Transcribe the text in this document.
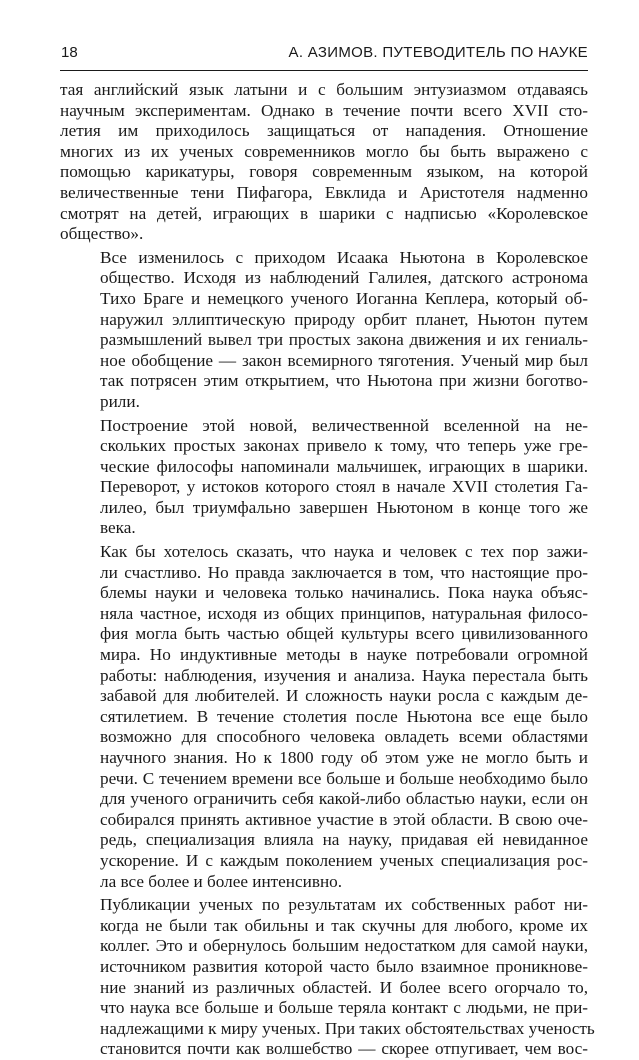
18	А. АЗИМОВ. ПУТЕВОДИТЕЛЬ ПО НАУКЕ

тая английский язык латыни и с большим энтузиазмом отдаваясь
научным экспериментам. Однако в течение почти всего XVII сто-
летия им приходилось защищаться от нападения. Отношение
многих из их ученых современников могло бы быть выражено с
помощью карикатуры, говоря современным языком, на которой
величественные тени Пифагора, Евклида и Аристотеля надменно
смотрят на детей, играющих в шарики с надписью «Королевское
общество».

Все изменилось с приходом Исаака Ньютона в Королевское
общество. Исходя из наблюдений Галилея, датского астронома
Тихо Браге и немецкого ученого Иоганна Кеплера, который об-
наружил эллиптическую природу орбит планет, Ньютон путем
размышлений вывел три простых закона движения и их гениаль-
ное обобщение — закон всемирного тяготения. Ученый мир был
так потрясен этим открытием, что Ньютона при жизни боготво-
рили.

Построение этой новой, величественной вселенной на не-
скольких простых законах привело к тому, что теперь уже гре-
ческие философы напоминали мальчишек, играющих в шарики.
Переворот, у истоков которого стоял в начале XVII столетия Га-
лилео, был триумфально завершен Ньютоном в конце того же
века.

Как бы хотелось сказать, что наука и человек с тех пор зажи-
ли счастливо. Но правда заключается в том, что настоящие про-
блемы науки и человека только начинались. Пока наука объяс-
няла частное, исходя из общих принципов, натуральная филосо-
фия могла быть частью общей культуры всего цивилизованного
мира. Но индуктивные методы в науке потребовали огромной
работы: наблюдения, изучения и анализа. Наука перестала быть
забавой для любителей. И сложность науки росла с каждым де-
сятилетием. В течение столетия после Ньютона все еще было
возможно для способного человека овладеть всеми областями
научного знания. Но к 1800 году об этом уже не могло быть и
речи. С течением времени все больше и больше необходимо было
для ученого ограничить себя какой-либо областью науки, если он
собирался принять активное участие в этой области. В свою оче-
редь, специализация влияла на науку, придавая ей невиданное
ускорение. И с каждым поколением ученых специализация рос-
ла все более и более интенсивно.

Публикации ученых по результатам их собственных работ ни-
когда не были так обильны и так скучны для любого, кроме их
коллег. Это и обернулось большим недостатком для самой науки,
источником развития которой часто было взаимное проникнове-
ние знаний из различных областей. И более всего огорчало то,
что наука все больше и больше теряла контакт с людьми, не при-
надлежащими к миру ученых. При таких обстоятельствах ученость
становится почти как волшебство — скорее отпугивает, чем вос-
